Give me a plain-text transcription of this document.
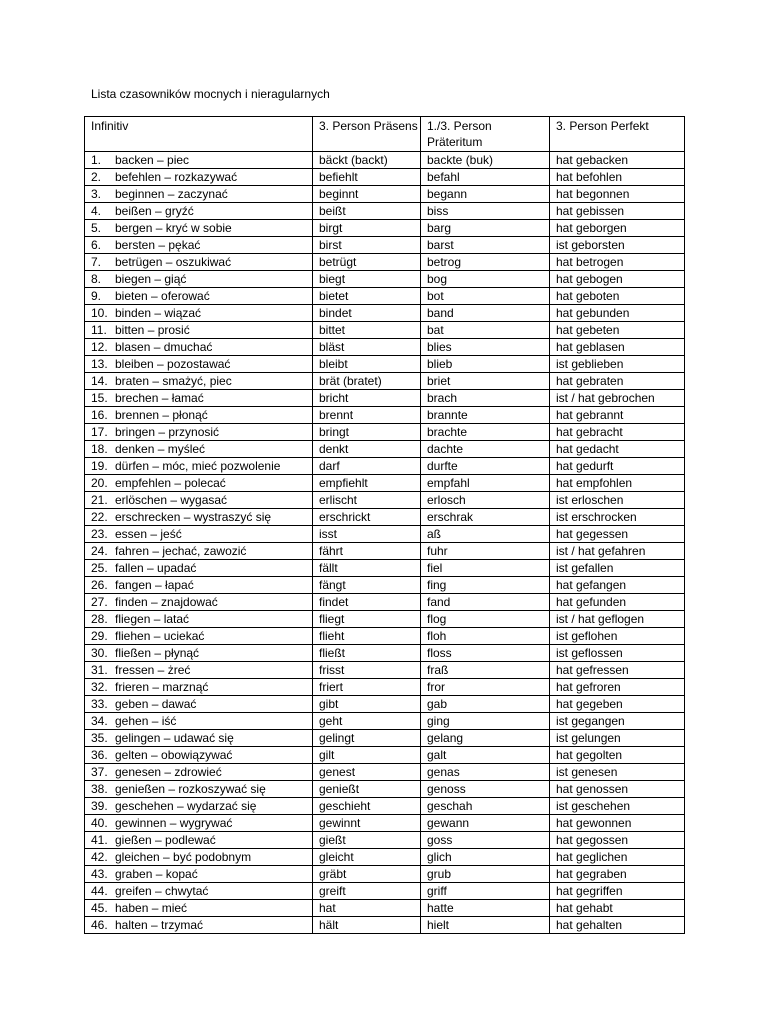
Lista czasowników mocnych i nieragularnych
Infinitiv	3. Person Präsens	1./3. Person Präteritum	3. Person Perfekt
1. backen – piec	bäckt (backt)	backte (buk)	hat gebacken
2. befehlen – rozkazywać	befiehlt	befahl	hat befohlen
3. beginnen – zaczynać	beginnt	begann	hat begonnen
4. beißen – gryźć	beißt	biss	hat gebissen
5. bergen – kryć w sobie	birgt	barg	hat geborgen
6. bersten – pękać	birst	barst	ist geborsten
7. betrügen – oszukiwać	betrügt	betrog	hat betrogen
8. biegen – giąć	biegt	bog	hat gebogen
9. bieten – oferować	bietet	bot	hat geboten
10. binden – wiązać	bindet	band	hat gebunden
11. bitten – prosić	bittet	bat	hat gebeten
12. blasen – dmuchać	bläst	blies	hat geblasen
13. bleiben – pozostawać	bleibt	blieb	ist geblieben
14. braten – smażyć, piec	brät (bratet)	briet	hat gebraten
15. brechen – łamać	bricht	brach	ist / hat gebrochen
16. brennen – płonąć	brennt	brannte	hat gebrannt
17. bringen – przynosić	bringt	brachte	hat gebracht
18. denken – myśleć	denkt	dachte	hat gedacht
19. dürfen – móc, mieć pozwolenie	darf	durfte	hat gedurft
20. empfehlen – polecać	empfiehlt	empfahl	hat empfohlen
21. erlöschen – wygasać	erlischt	erlosch	ist erloschen
22. erschrecken – wystraszyć się	erschrickt	erschrak	ist erschrocken
23. essen – jeść	isst	aß	hat gegessen
24. fahren – jechać, zawozić	fährt	fuhr	ist / hat gefahren
25. fallen – upadać	fällt	fiel	ist gefallen
26. fangen – łapać	fängt	fing	hat gefangen
27. finden – znajdować	findet	fand	hat gefunden
28. fliegen – latać	fliegt	flog	ist / hat geflogen
29. fliehen – uciekać	flieht	floh	ist geflohen
30. fließen – płynąć	fließt	floss	ist geflossen
31. fressen – żreć	frisst	fraß	hat gefressen
32. frieren – marznąć	friert	fror	hat gefroren
33. geben – dawać	gibt	gab	hat gegeben
34. gehen – iść	geht	ging	ist gegangen
35. gelingen – udawać się	gelingt	gelang	ist gelungen
36. gelten – obowiązywać	gilt	galt	hat gegolten
37. genesen – zdrowieć	genest	genas	ist genesen
38. genießen – rozkoszywać się	genießt	genoss	hat genossen
39. geschehen – wydarzać się	geschieht	geschah	ist geschehen
40. gewinnen – wygrywać	gewinnt	gewann	hat gewonnen
41. gießen – podlewać	gießt	goss	hat gegossen
42. gleichen – być podobnym	gleicht	glich	hat geglichen
43. graben – kopać	gräbt	grub	hat gegraben
44. greifen – chwytać	greift	griff	hat gegriffen
45. haben – mieć	hat	hatte	hat gehabt
46. halten – trzymać	hält	hielt	hat gehalten
